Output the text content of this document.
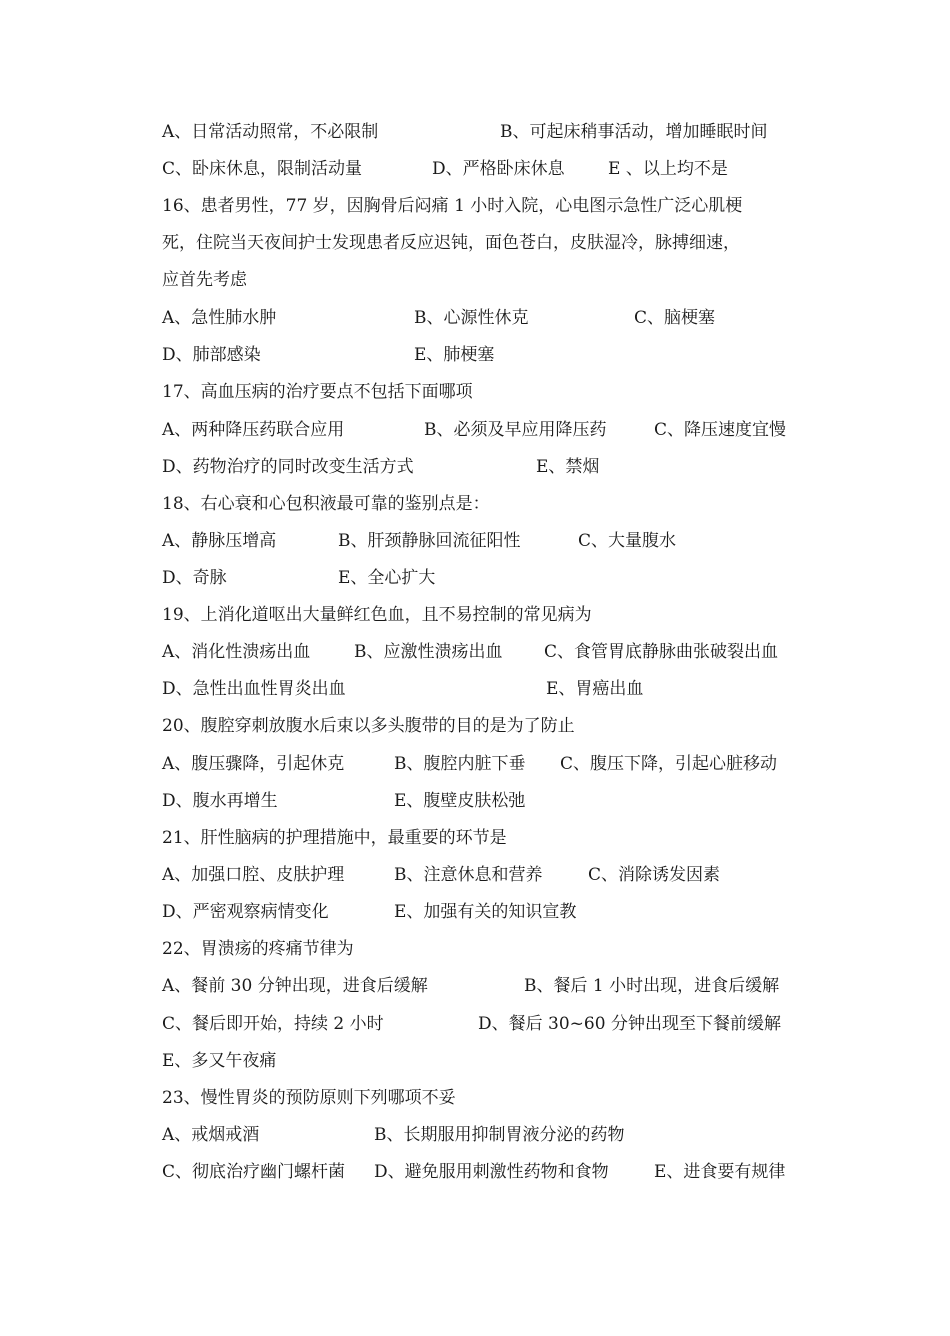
A、日常活动照常，不必限制	B、可起床稍事活动，增加睡眠时间
C、卧床休息，限制活动量	D、严格卧床休息	E 、以上均不是
16、患者男性，77 岁，因胸骨后闷痛 1 小时入院，心电图示急性广泛心肌梗
死，住院当天夜间护士发现患者反应迟钝，面色苍白，皮肤湿冷，脉搏细速，
应首先考虑
A、急性肺水肿	B、心源性休克	C、脑梗塞
D、肺部感染	E、肺梗塞
17、高血压病的治疗要点不包括下面哪项
A、两种降压药联合应用	B、必须及早应用降压药	C、降压速度宜慢
D、药物治疗的同时改变生活方式	E、禁烟
18、右心衰和心包积液最可靠的鉴别点是：
A、静脉压增高	B、肝颈静脉回流征阳性	C、大量腹水
D、奇脉	E、全心扩大
19、上消化道呕出大量鲜红色血，且不易控制的常见病为
A、消化性溃疡出血	B、应激性溃疡出血 C、食管胃底静脉曲张破裂出血
D、急性出血性胃炎出血	E、胃癌出血
20、腹腔穿刺放腹水后束以多头腹带的目的是为了防止
A、腹压骤降，引起休克	B、腹腔内脏下垂 C、腹压下降，引起心脏移动
D、腹水再增生	E、腹壁皮肤松弛
21、肝性脑病的护理措施中，最重要的环节是
A、加强口腔、皮肤护理	B、注意休息和营养	C、消除诱发因素
D、严密观察病情变化	E、加强有关的知识宣教
22、胃溃疡的疼痛节律为
A、餐前 30 分钟出现，进食后缓解	B、餐后 1 小时出现，进食后缓解
C、餐后即开始，持续 2 小时	D、餐后 30~60 分钟出现至下餐前缓解
E、多又午夜痛
23、慢性胃炎的预防原则下列哪项不妥
A、戒烟戒酒	B、长期服用抑制胃液分泌的药物
C、彻底治疗幽门螺杆菌 D、避免服用刺激性药物和食物	E、进食要有规律
